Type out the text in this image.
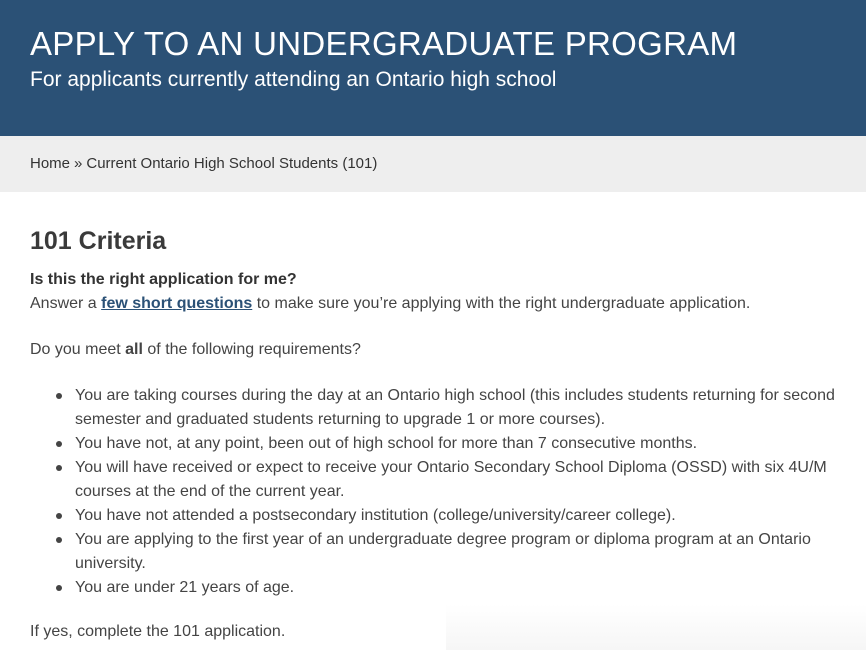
APPLY TO AN UNDERGRADUATE PROGRAM

For applicants currently attending an Ontario high school

Home » Current Ontario High School Students (101)
101 Criteria

Is this the right application for me?

Answer a few short questions to make sure you’re applying with the right undergraduate application.

Do you meet all of the following requirements?

You are taking courses during the day at an Ontario high school (this includes students returning for second semester and graduated students returning to upgrade 1 or more courses).
You have not, at any point, been out of high school for more than 7 consecutive months.
You will have received or expect to receive your Ontario Secondary School Diploma (OSSD) with six 4U/M courses at the end of the current year.
You have not attended a postsecondary institution (college/university/career college).
You are applying to the first year of an undergraduate degree program or diploma program at an Ontario university.
You are under 21 years of age.

If yes, complete the 101 application.
